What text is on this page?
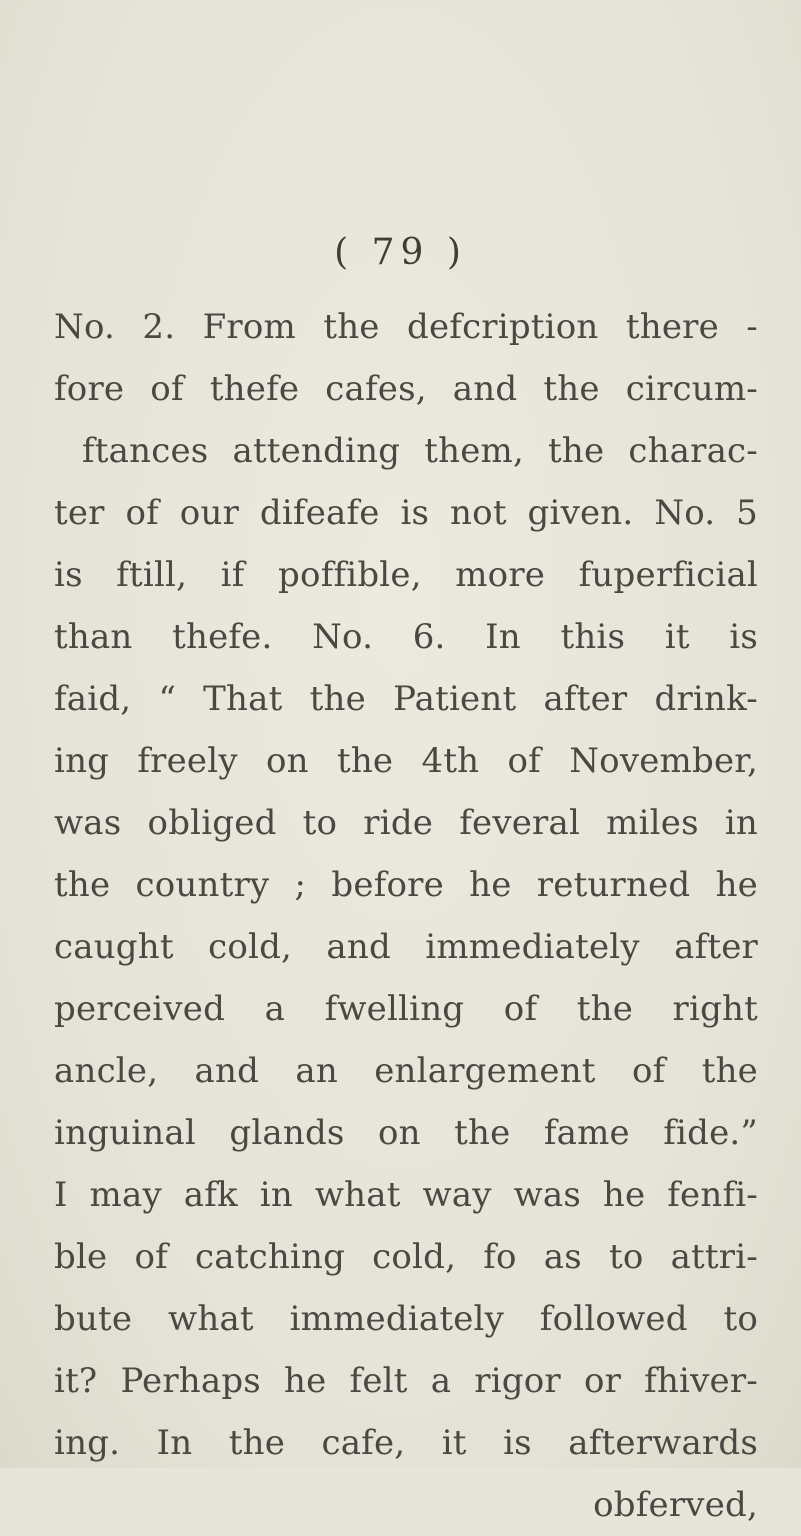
( 79 )
No. 2. From the defcription there -
fore of thefe cafes, and the circum-
ftances attending them, the charac-
ter of our difeafe is not given. No. 5
is ftill, if poffible, more fuperficial
than thefe. No. 6. In this it is
faid, “ That the Patient after drink-
ing freely on the 4th of November,
was obliged to ride feveral miles in
the country ; before he returned he
caught cold, and immediately after
perceived a fwelling of the right
ancle, and an enlargement of the
inguinal glands on the fame fide.”
I may afk in what way was he fenfi-
ble of catching cold, fo as to attri-
bute what immediately followed to
it? Perhaps he felt a rigor or fhiver-
ing. In the cafe, it is afterwards
obferved,
